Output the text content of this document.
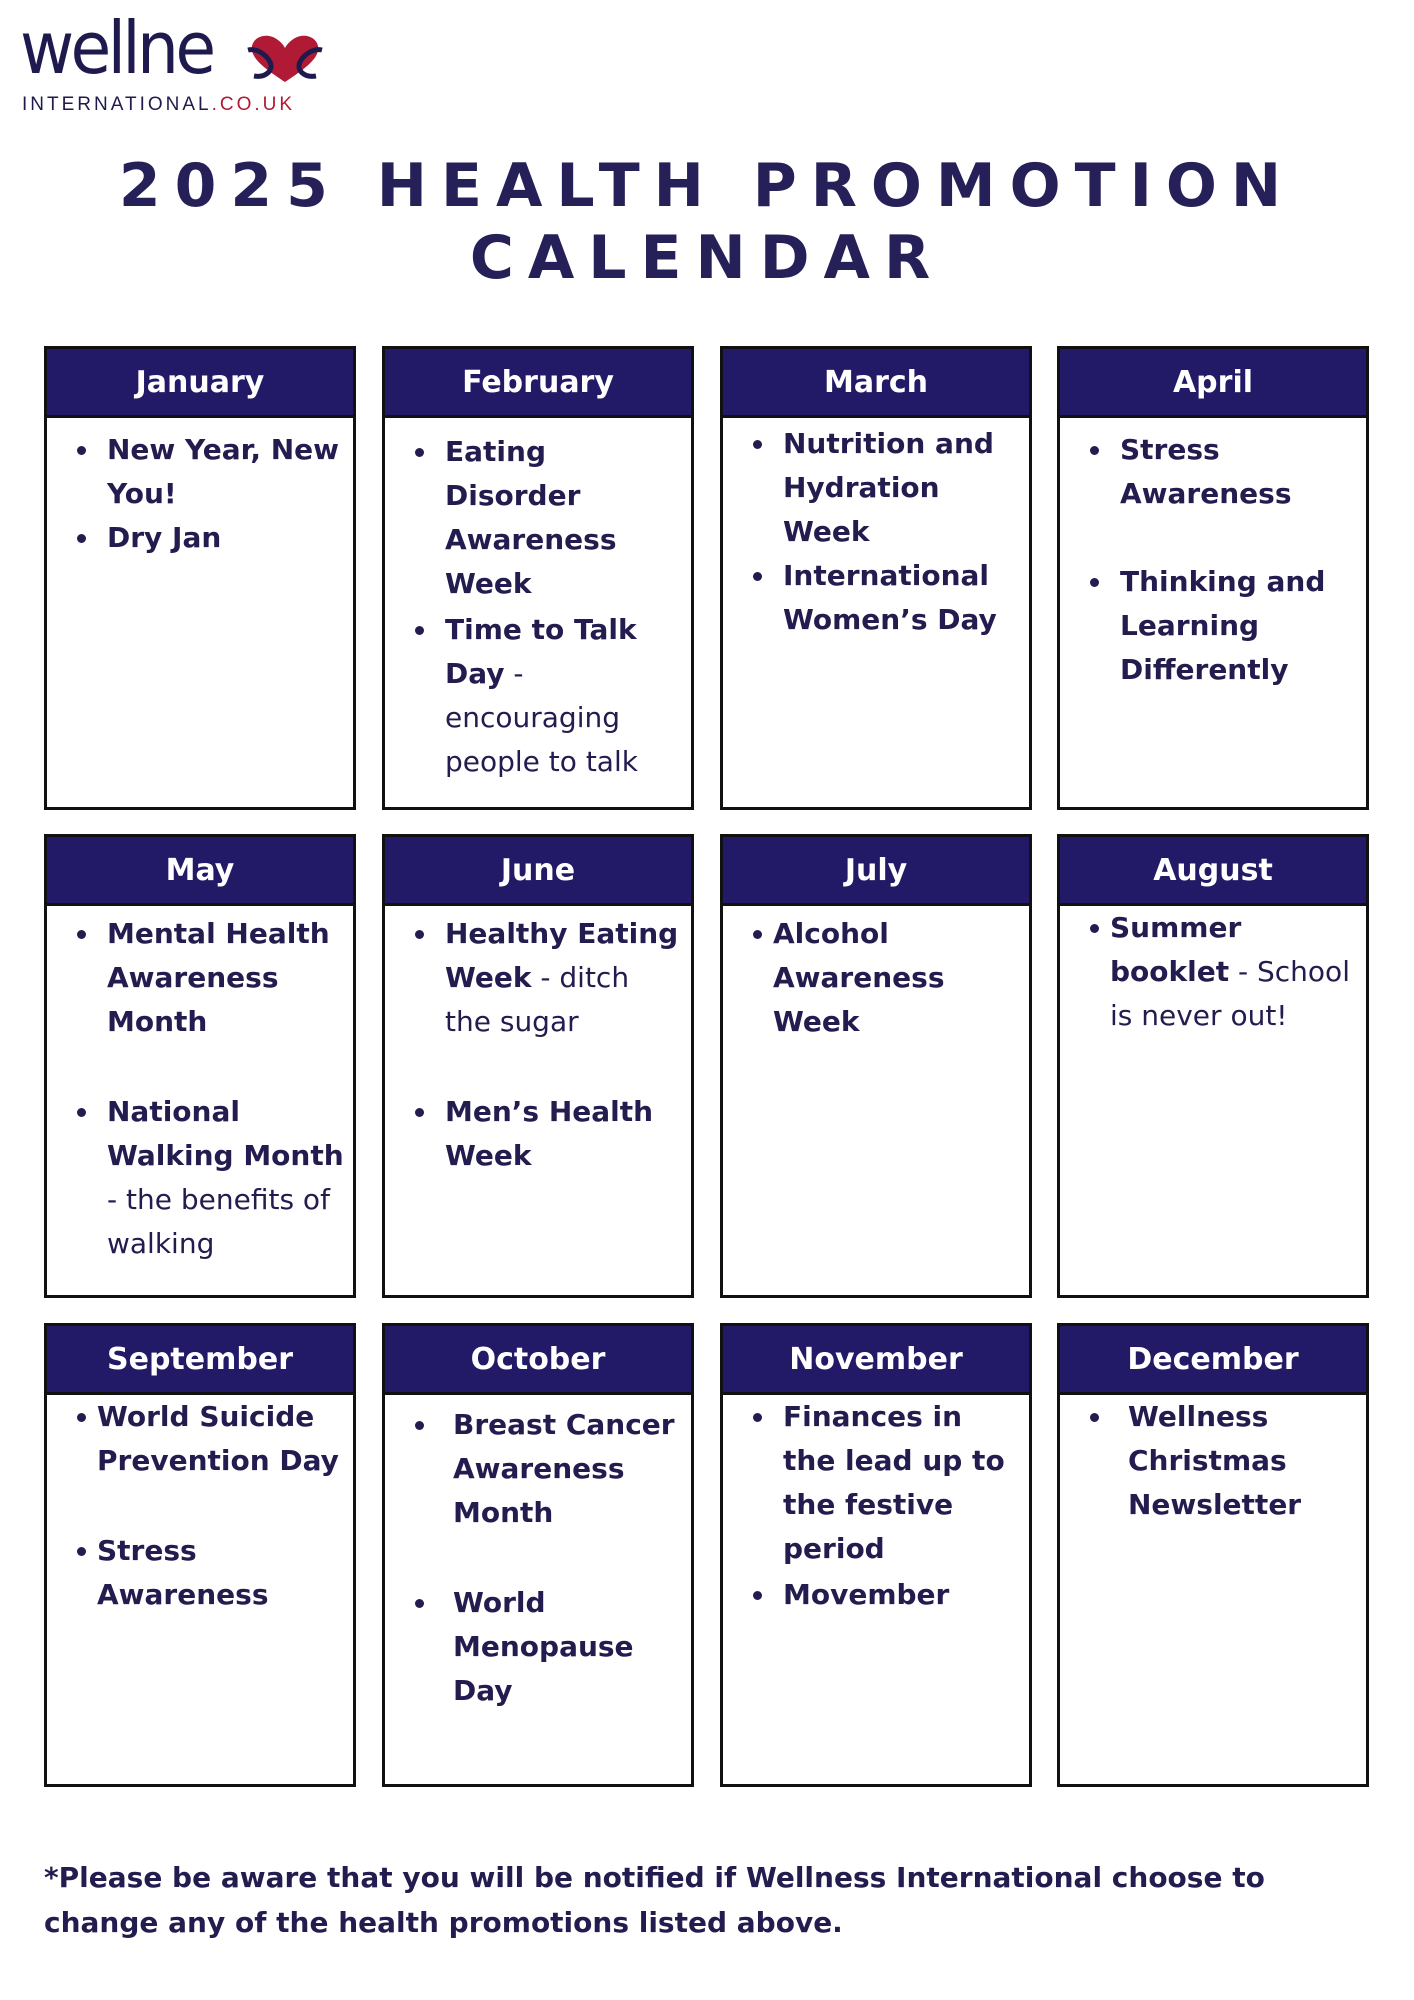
wellne
INTERNATIONAL.CO.UK
2025 HEALTH PROMOTION
CALENDAR
January
New Year, New You!
Dry Jan
February
Eating Disorder Awareness Week
Time to Talk Day - encouraging people to talk
March
Nutrition and Hydration Week
International Women’s Day
April
Stress Awareness
Thinking and Learning Differently
May
Mental Health Awareness Month
National Walking Month - the benefits of walking
June
Healthy Eating Week - ditch the sugar
Men’s Health Week
July
Alcohol Awareness Week
August
Summer booklet - School is never out!
September
World Suicide Prevention Day
Stress Awareness
October
Breast Cancer Awareness Month
World Menopause Day
November
Finances in the lead up to the festive period
Movember
December
Wellness Christmas Newsletter
*Please be aware that you will be notified if Wellness International choose to change any of the health promotions listed above.
